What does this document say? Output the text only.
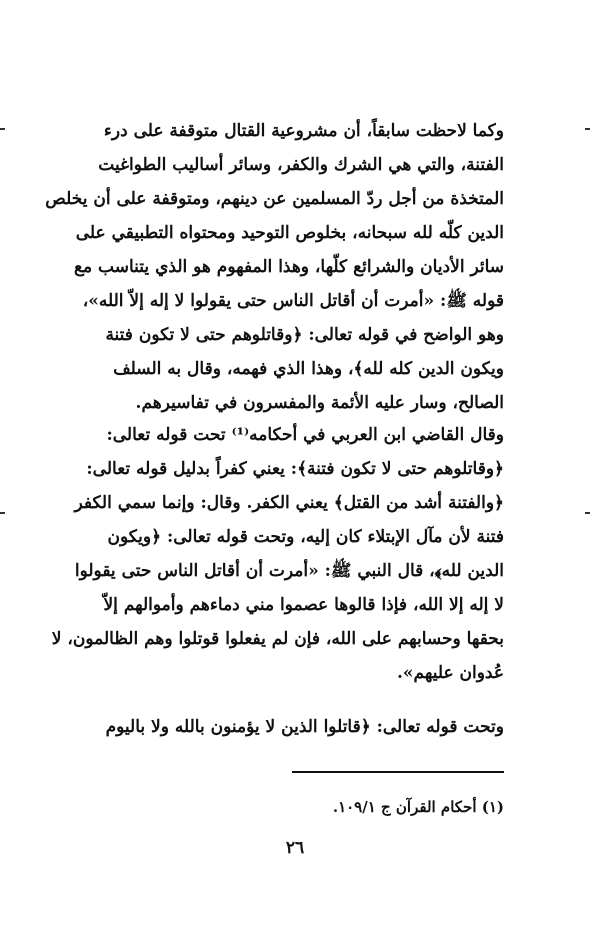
وكما لاحظت سابقاً، أن مشروعية القتال متوقفة على درء
الفتنة، والتي هي الشرك والكفر، وسائر أساليب الطواغيت
المتخذة من أجل ردّ المسلمين عن دينهم، ومتوقفة على أن يخلص
الدين كلّه لله سبحانه، بخلوص التوحيد ومحتواه التطبيقي على
سائر الأديان والشرائع كلّها، وهذا المفهوم هو الذي يتناسب مع
قوله ﷺ: «أمرت أن أقاتل الناس حتى يقولوا لا إله إلاّ الله»،
وهو الواضح في قوله تعالى: ﴿وقاتلوهم حتى لا تكون فتنة
ويكون الدين كله لله﴾، وهذا الذي فهمه، وقال به السلف
الصالح، وسار عليه الأئمة والمفسرون في تفاسيرهم.
وقال القاضي ابن العربي في أحكامه⁽¹⁾ تحت قوله تعالى:
﴿وقاتلوهم حتى لا تكون فتنة﴾: يعني كفراً بدليل قوله تعالى:
﴿والفتنة أشد من القتل﴾ يعني الكفر. وقال: وإنما سمي الكفر
فتنة لأن مآل الإبتلاء كان إليه، وتحت قوله تعالى: ﴿ويكون
الدين لله﴾، قال النبي ﷺ: «أمرت أن أقاتل الناس حتى يقولوا
لا إله إلا الله، فإذا قالوها عصموا مني دماءهم وأموالهم إلاّ
بحقها وحسابهم على الله، فإن لم يفعلوا قوتلوا وهم الظالمون، لا
عُدوان عليهم».
وتحت قوله تعالى: ﴿قاتلوا الذين لا يؤمنون بالله ولا باليوم
(١) أحكام القرآن ج ١٠٩/١.
٢٦
